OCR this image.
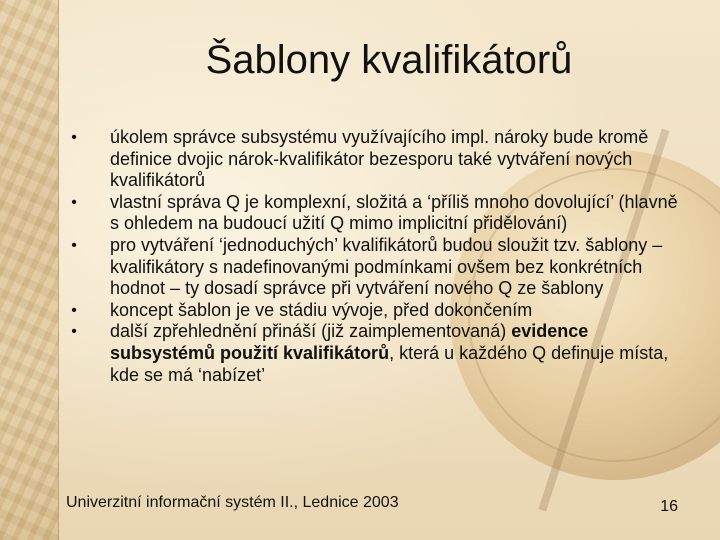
Šablony kvalifikátorů
•	úkolem správce subsystému využívajícího impl. nároky bude kromě definice dvojic nárok-kvalifikátor bezesporu také vytváření nových kvalifikátorů
•	vlastní správa Q je komplexní, složitá a ‘příliš mnoho dovolující’ (hlavně s ohledem na budoucí užití Q mimo implicitní přidělování)
•	pro vytváření ‘jednoduchých’ kvalifikátorů budou sloužit tzv. šablony – kvalifikátory s nadefinovanými podmínkami ovšem bez konkrétních hodnot – ty dosadí správce při vytváření nového Q ze šablony
•	koncept šablon je ve stádiu vývoje, před dokončením
•	další zpřehlednění přináší (již zaimplementovaná) evidence subsystémů použití kvalifikátorů, která u každého Q definuje místa, kde se má ‘nabízet’
Univerzitní informační systém II., Lednice 2003	16
